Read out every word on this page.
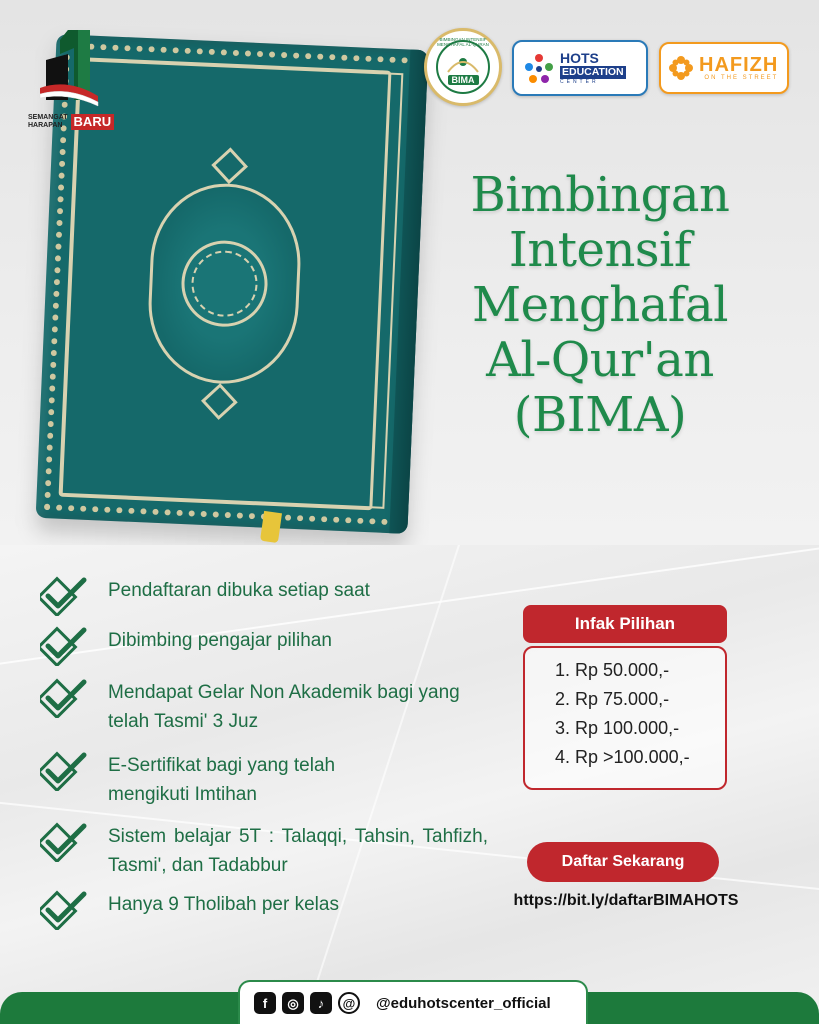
SEMANGAT
HARAPAN BARU
BIMBINGAN INTENSIF MENGHAFAL AL-QURAN
BIMA
HOTS
EDUCATION
CENTER
HAFIZH
ON THE STREET
Bimbingan
Intensif
Menghafal
Al-Qur'an
(BIMA)
Pendaftaran dibuka setiap saat
Dibimbing pengajar pilihan
Mendapat Gelar Non Akademik bagi yang telah Tasmi' 3 Juz
E-Sertifikat bagi yang telah mengikuti Imtihan
Sistem belajar 5T : Talaqqi, Tahsin, Tahfizh, Tasmi', dan Tadabbur
Hanya 9 Tholibah per kelas
Infak Pilihan
1. Rp 50.000,-
2. Rp 75.000,-
3. Rp 100.000,-
4. Rp >100.000,-
Daftar Sekarang
https://bit.ly/daftarBIMAHOTS
f	◎	♪	@	@eduhotscenter_official
